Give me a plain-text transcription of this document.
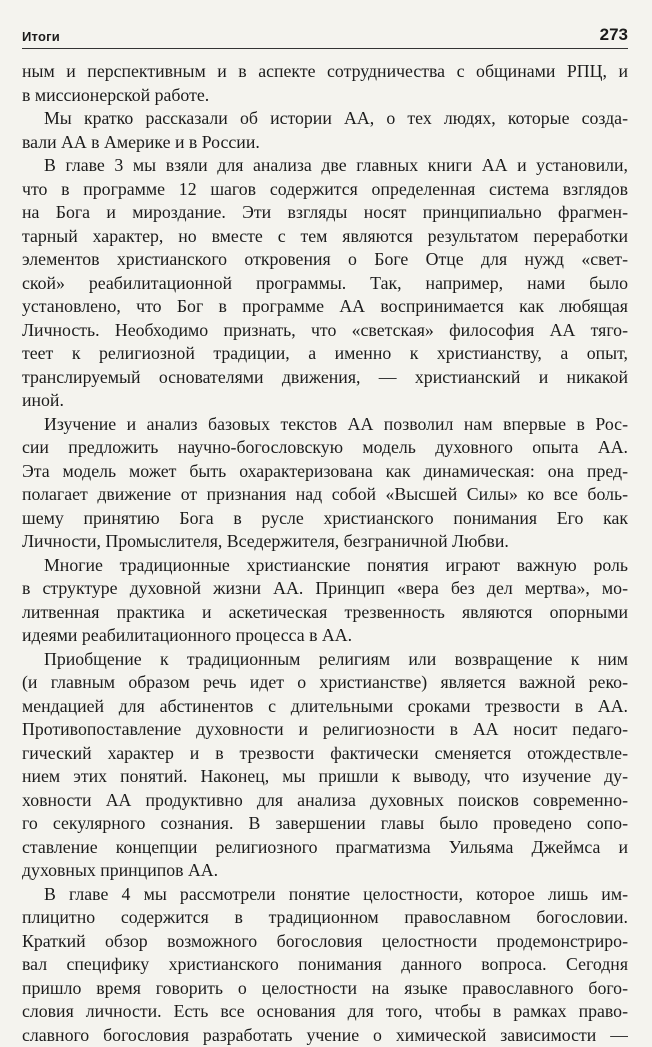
Итоги	273
ным и перспективным и в аспекте сотрудничества с общинами РПЦ, и
в миссионерской работе.
Мы кратко рассказали об истории АА, о тех людях, которые созда-
вали АА в Америке и в России.
В главе 3 мы взяли для анализа две главных книги АА и установили,
что в программе 12 шагов содержится определенная система взглядов
на Бога и мироздание. Эти взгляды носят принципиально фрагмен-
тарный характер, но вместе с тем являются результатом переработки
элементов христианского откровения о Боге Отце для нужд «свет-
ской» реабилитационной программы. Так, например, нами было
установлено, что Бог в программе АА воспринимается как любящая
Личность. Необходимо признать, что «светская» философия АА тяго-
теет к религиозной традиции, а именно к христианству, а опыт,
транслируемый основателями движения, — христианский и никакой
иной.
Изучение и анализ базовых текстов АА позволил нам впервые в Рос-
сии предложить научно-богословскую модель духовного опыта АА.
Эта модель может быть охарактеризована как динамическая: она пред-
полагает движение от признания над собой «Высшей Силы» ко все боль-
шему принятию Бога в русле христианского понимания Его как
Личности, Промыслителя, Вседержителя, безграничной Любви.
Многие традиционные христианские понятия играют важную роль
в структуре духовной жизни АА. Принцип «вера без дел мертва», мо-
литвенная практика и аскетическая трезвенность являются опорными
идеями реабилитационного процесса в АА.
Приобщение к традиционным религиям или возвращение к ним
(и главным образом речь идет о христианстве) является важной реко-
мендацией для абстинентов с длительными сроками трезвости в АА.
Противопоставление духовности и религиозности в АА носит педаго-
гический характер и в трезвости фактически сменяется отождествле-
нием этих понятий. Наконец, мы пришли к выводу, что изучение ду-
ховности АА продуктивно для анализа духовных поисков современно-
го секулярного сознания. В завершении главы было проведено сопо-
ставление концепции религиозного прагматизма Уильяма Джеймса и
духовных принципов АА.
В главе 4 мы рассмотрели понятие целостности, которое лишь им-
плицитно содержится в традиционном православном богословии.
Краткий обзор возможного богословия целостности продемонстриро-
вал специфику христианского понимания данного вопроса. Сегодня
пришло время говорить о целостности на языке православного бого-
словия личности. Есть все основания для того, чтобы в рамках право-
славного богословия разработать учение о химической зависимости —
